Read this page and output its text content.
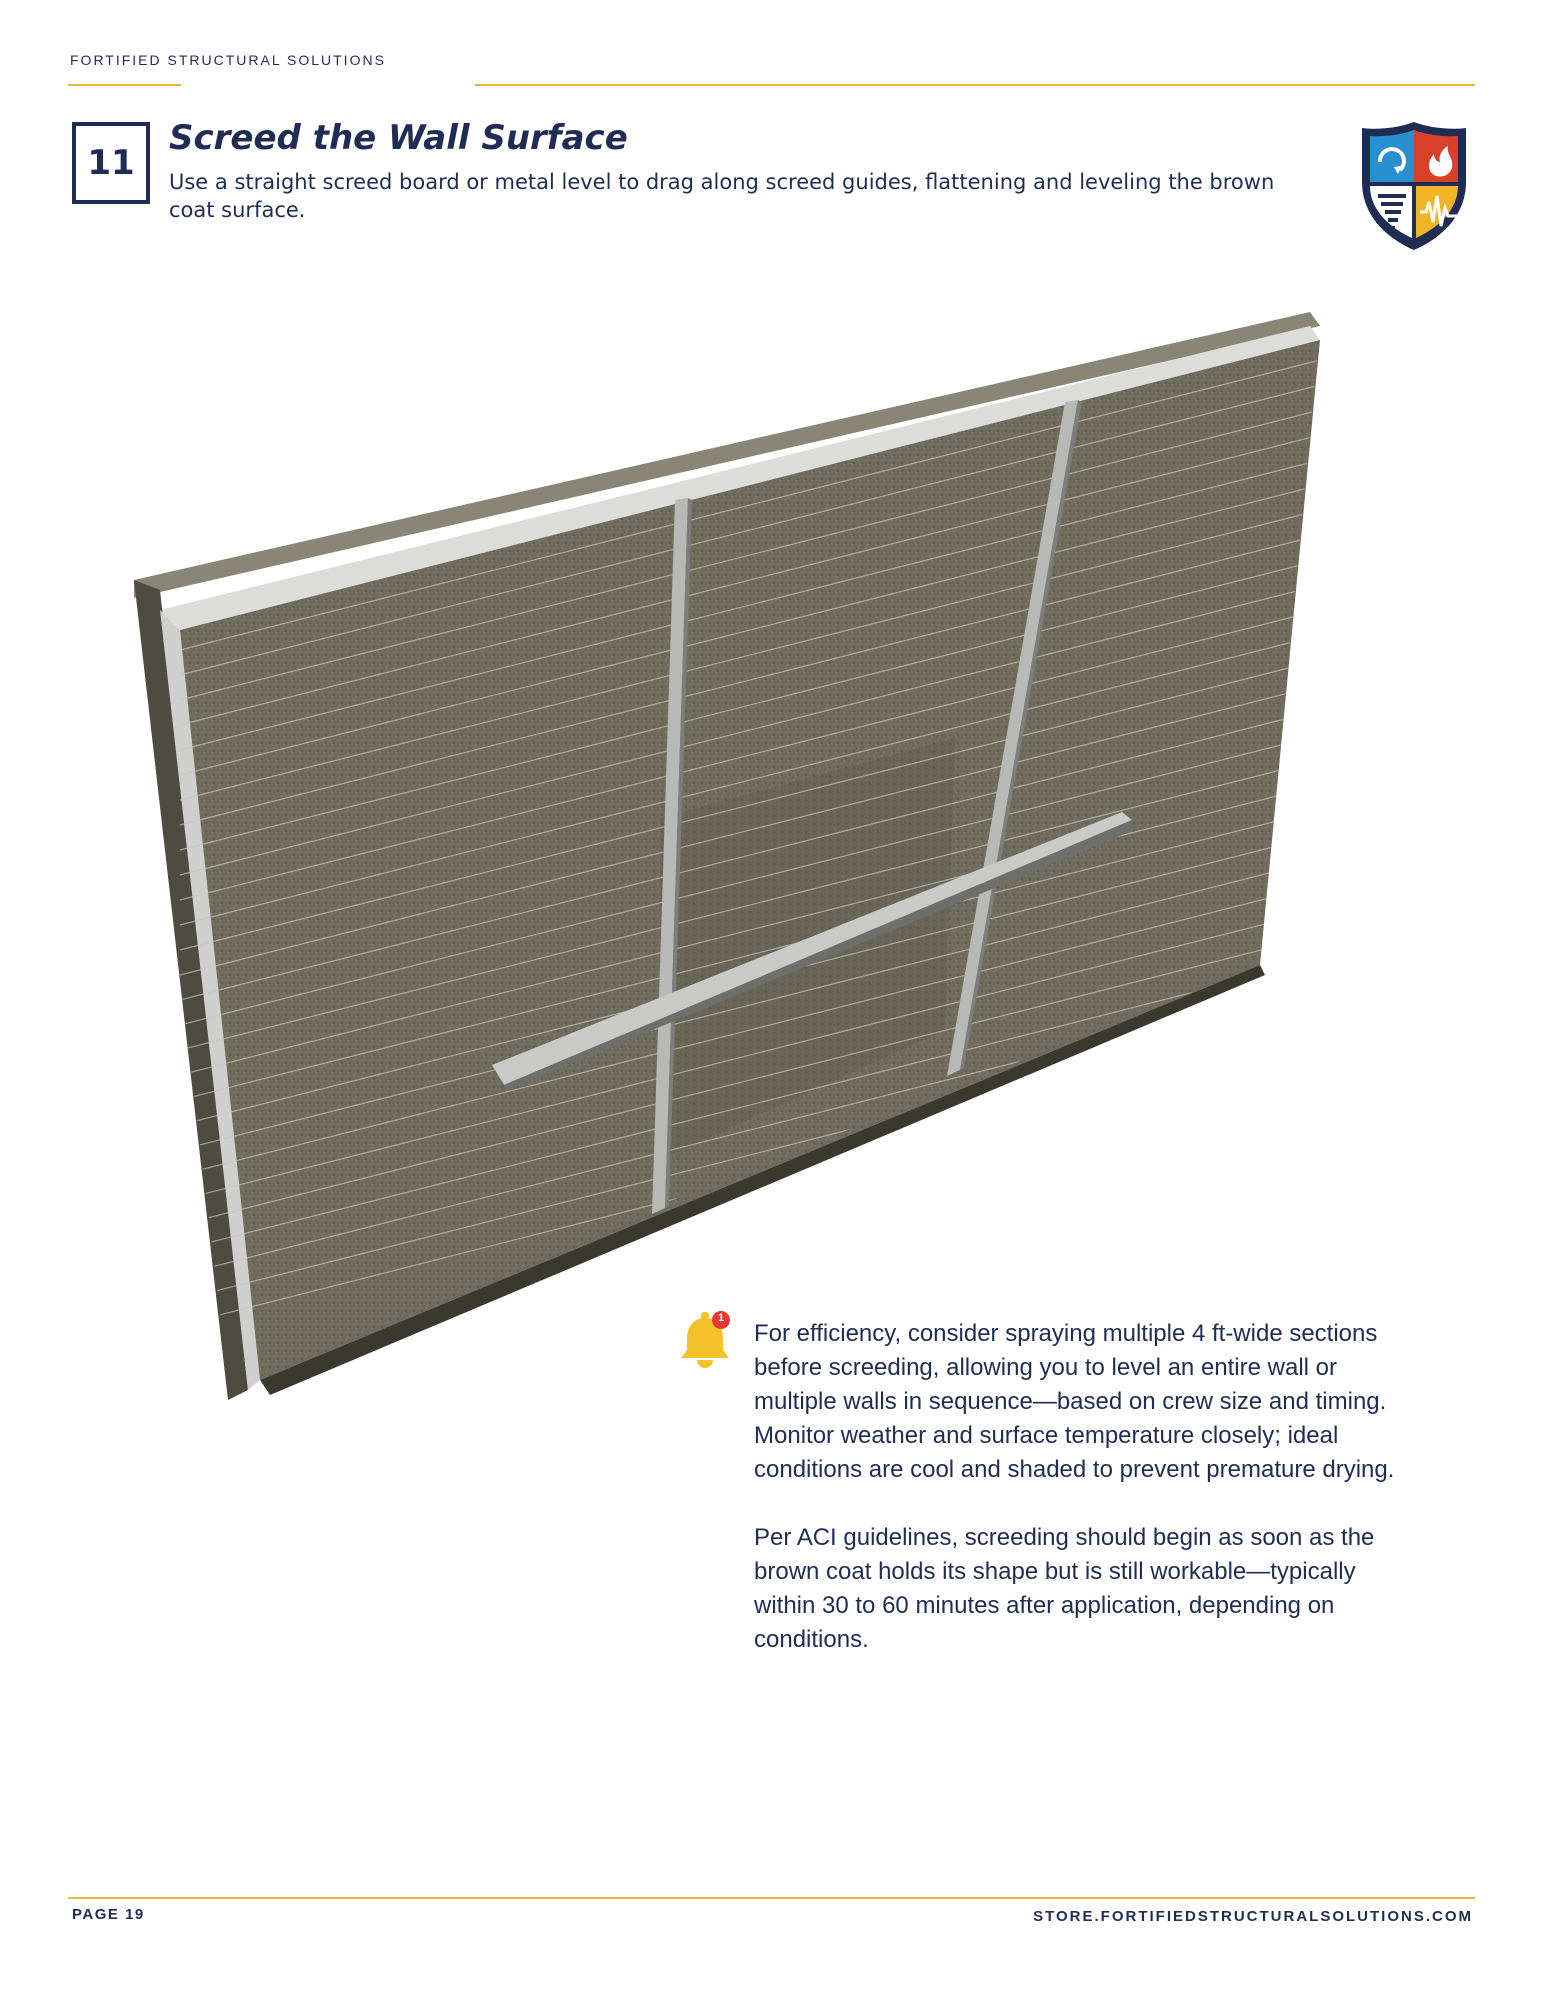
FORTIFIED STRUCTURAL SOLUTIONS
11
Screed the Wall Surface
Use a straight screed board or metal level to drag along screed guides, flattening and leveling the brown coat surface.
1

For efficiency, consider spraying multiple 4 ft-wide sections before screeding, allowing you to level an entire wall or multiple walls in sequence—based on crew size and timing. Monitor weather and surface temperature closely; ideal conditions are cool and shaded to prevent premature drying.

Per ACI guidelines, screeding should begin as soon as the brown coat holds its shape but is still workable—typically within 30 to 60 minutes after application, depending on conditions.

PAGE 19	STORE.FORTIFIEDSTRUCTURALSOLUTIONS.COM
